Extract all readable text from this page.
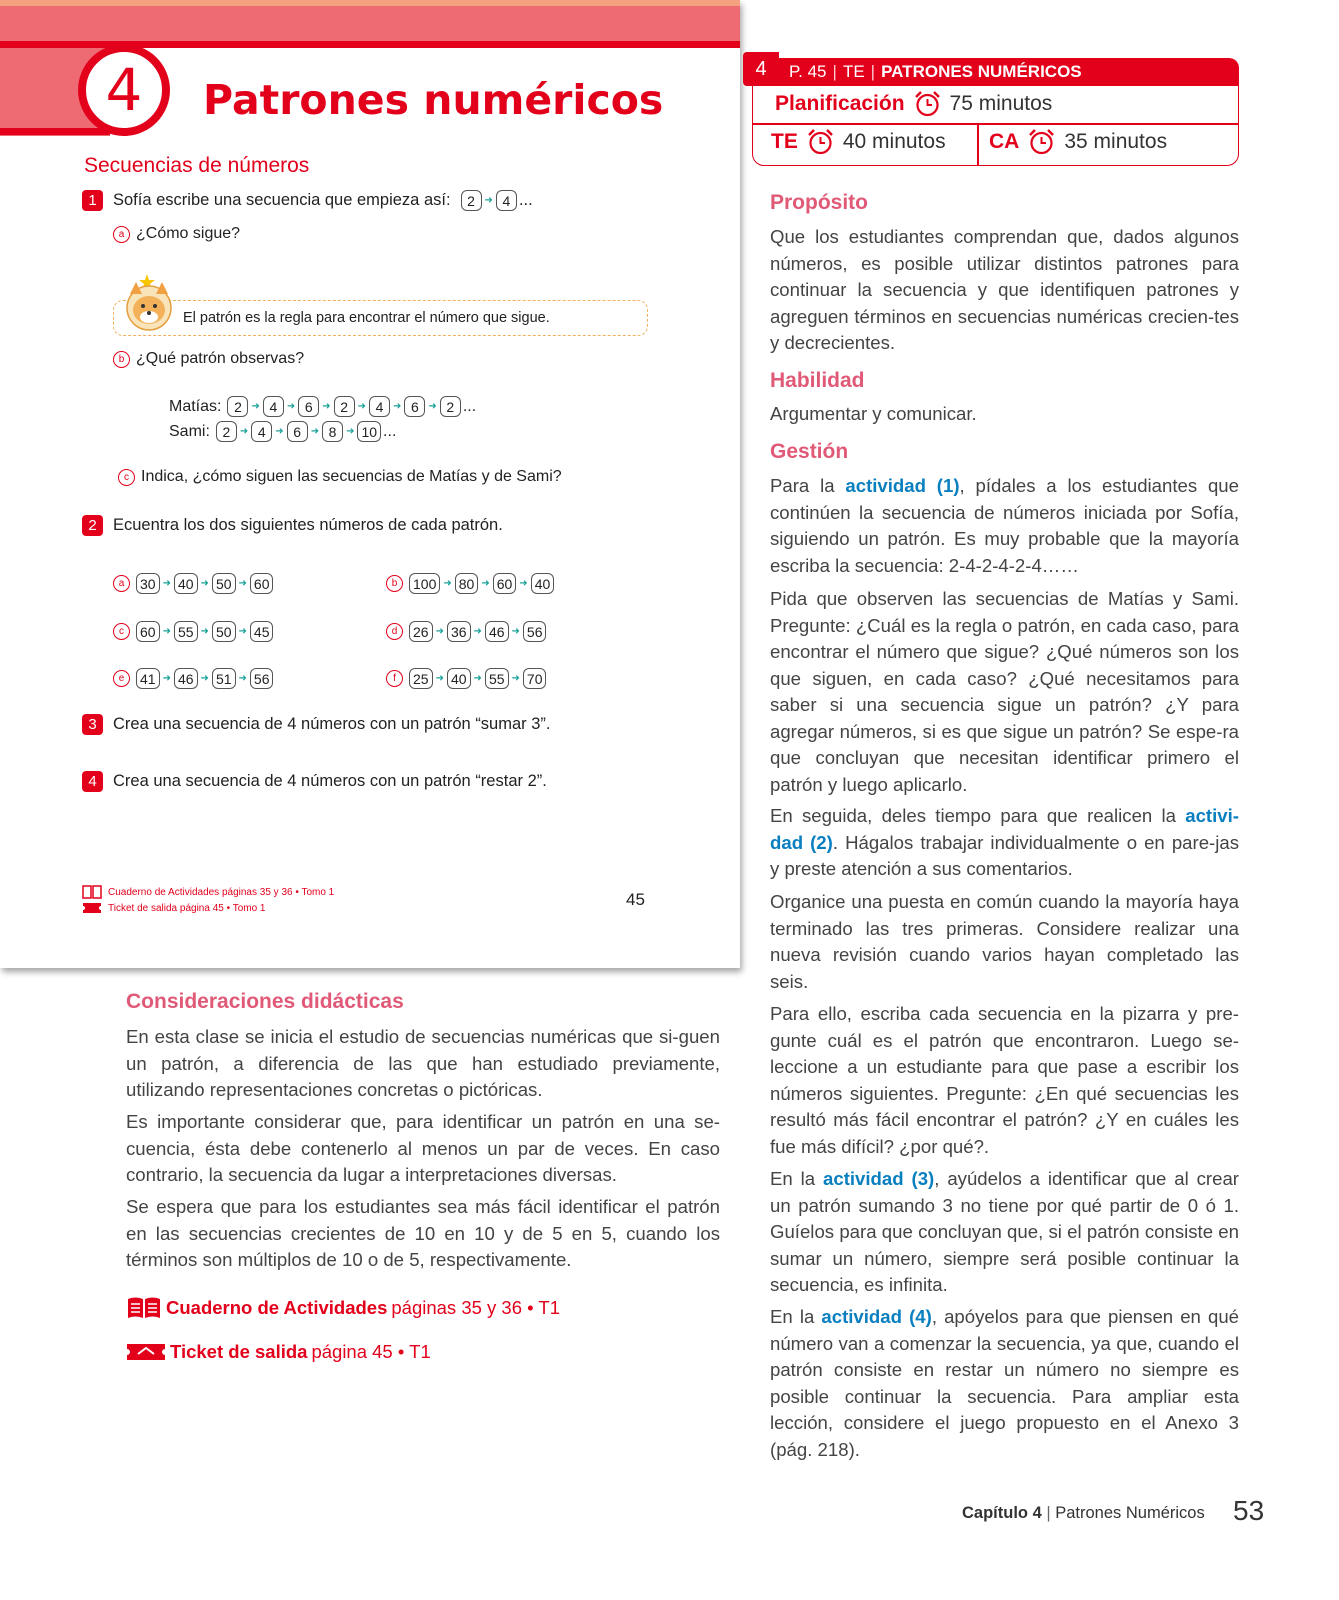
4	Patrones numéricos
Secuencias de números
1 Sofía escribe una secuencia que empieza así:	2 ➜ 4 ...
a ¿Cómo sigue?
El patrón es la regla para encontrar el número que sigue.
b ¿Qué patrón observas?
Matías: 2 ➜ 4 ➜ 6 ➜ 2 ➜ 4 ➜ 6 ➜ 2 ...
Sami: 2 ➜ 4 ➜ 6 ➜ 8 ➜ 10 ...
c Indica, ¿cómo siguen las secuencias de Matías y de Sami?
2 Ecuentra los dos siguientes números de cada patrón.
a	30 ➜ 40 ➜ 50 ➜ 60	b	100 ➜ 80 ➜ 60 ➜ 40
c	60 ➜ 55 ➜ 50 ➜ 45	d	26 ➜ 36 ➜ 46 ➜ 56
e	41 ➜ 46 ➜ 51 ➜ 56	f	25 ➜ 40 ➜ 55 ➜ 70
3 Crea una secuencia de 4 números con un patrón “sumar 3”.
4 Crea una secuencia de 4 números con un patrón “restar 2”.
Cuaderno de Actividades páginas 35 y 36 • Tomo 1
Ticket de salida página 45 • Tomo 1	45
Consideraciones didácticas
En esta clase se inicia el estudio de secuencias numéricas que si-guen un patrón, a diferencia de las que han estudiado previamente, utilizando representaciones concretas o pictóricas.
Es importante considerar que, para identificar un patrón en una se-cuencia, ésta debe contenerlo al menos un par de veces. En caso contrario, la secuencia da lugar a interpretaciones diversas.
Se espera que para los estudiantes sea más fácil identificar el patrón en las secuencias crecientes de 10 en 10 y de 5 en 5, cuando los términos son múltiplos de 10 o de 5, respectivamente.
Cuaderno de Actividades páginas 35 y 36 • T1
Ticket de salida página 45 • T1
4	P. 45 | TE | PATRONES NUMÉRICOS
Planificación 75 minutos
TE 40 minutos CA 35 minutos
Propósito
Que los estudiantes comprendan que, dados algunos números, es posible utilizar distintos patrones para continuar la secuencia y que identifiquen patrones y agreguen términos en secuencias numéricas crecien-tes y decrecientes.
Habilidad
Argumentar y comunicar.
Gestión
Para la actividad (1), pídales a los estudiantes que continúen la secuencia de números iniciada por Sofía, siguiendo un patrón. Es muy probable que la mayoría escriba la secuencia: 2-4-2-4-2-4……
Pida que observen las secuencias de Matías y Sami. Pregunte: ¿Cuál es la regla o patrón, en cada caso, para encontrar el número que sigue? ¿Qué números son los que siguen, en cada caso? ¿Qué necesitamos para saber si una secuencia sigue un patrón? ¿Y para agregar números, si es que sigue un patrón? Se espe-ra que concluyan que necesitan identificar primero el patrón y luego aplicarlo.
En seguida, deles tiempo para que realicen la activi-dad (2). Hágalos trabajar individualmente o en pare-jas y preste atención a sus comentarios.
Organice una puesta en común cuando la mayoría haya terminado las tres primeras. Considere realizar una nueva revisión cuando varios hayan completado las seis.
Para ello, escriba cada secuencia en la pizarra y pre-gunte cuál es el patrón que encontraron. Luego se-leccione a un estudiante para que pase a escribir los números siguientes. Pregunte: ¿En qué secuencias les resultó más fácil encontrar el patrón? ¿Y en cuáles les fue más difícil? ¿por qué?.
En la actividad (3), ayúdelos a identificar que al crear un patrón sumando 3 no tiene por qué partir de 0 ó 1. Guíelos para que concluyan que, si el patrón consiste en sumar un número, siempre será posible continuar la secuencia, es infinita.
En la actividad (4), apóyelos para que piensen en qué número van a comenzar la secuencia, ya que, cuando el patrón consiste en restar un número no siempre es posible continuar la secuencia. Para ampliar esta lección, considere el juego propuesto en el Anexo 3 (pág. 218).
Capítulo 4 | Patrones Numéricos 53
